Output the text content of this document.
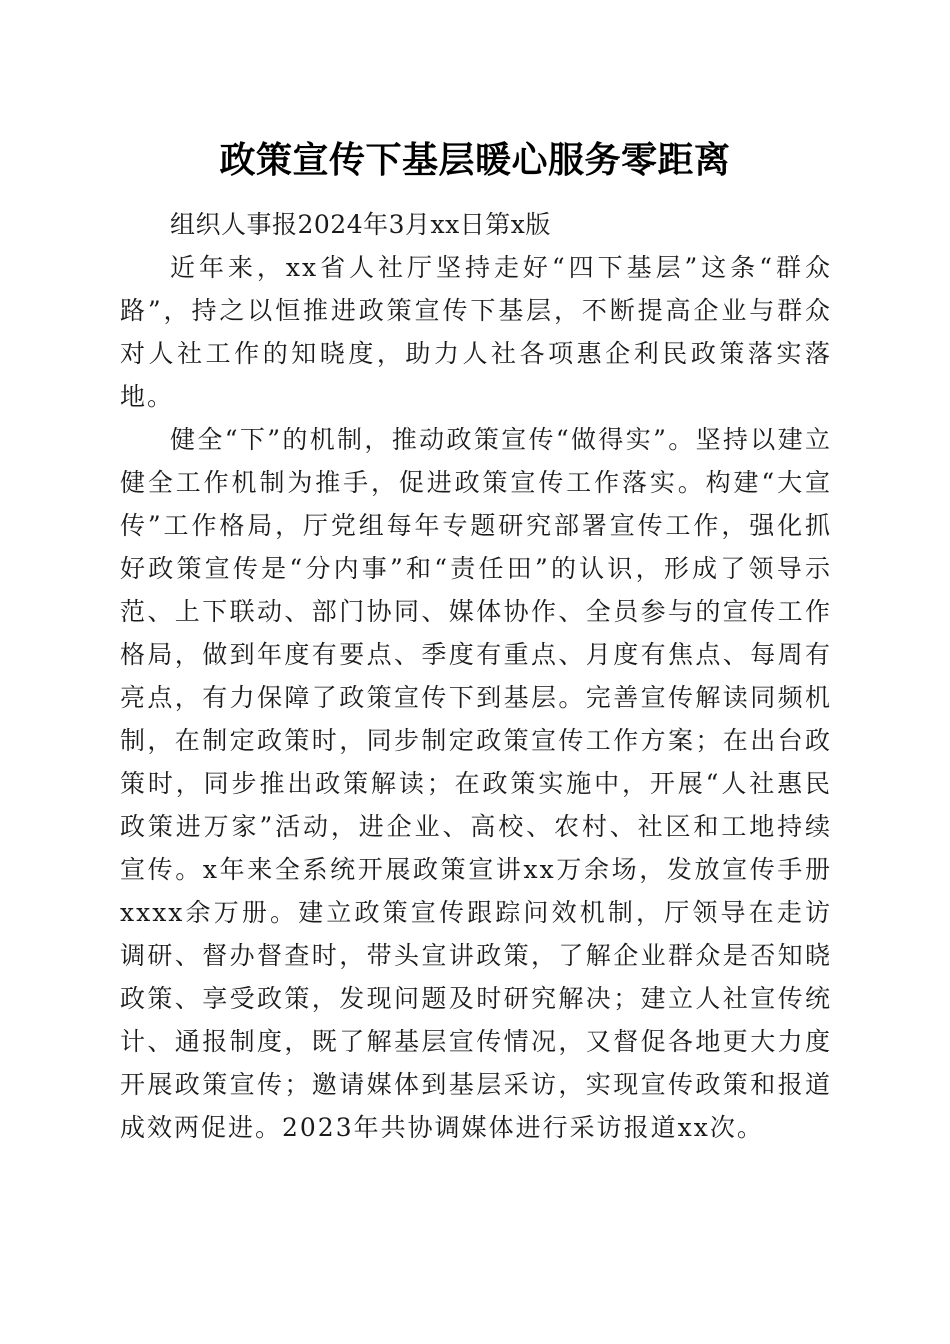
政策宣传下基层暖心服务零距离

组织人事报2024年3月xx日第x版

近年来，xx省人社厅坚持走好“四下基层”这条“群众路”，持之以恒推进政策宣传下基层，不断提高企业与群众对人社工作的知晓度，助力人社各项惠企利民政策落实落地。

健全“下”的机制，推动政策宣传“做得实”。坚持以建立健全工作机制为推手，促进政策宣传工作落实。构建“大宣传”工作格局，厅党组每年专题研究部署宣传工作，强化抓好政策宣传是“分内事”和“责任田”的认识，形成了领导示范、上下联动、部门协同、媒体协作、全员参与的宣传工作格局，做到年度有要点、季度有重点、月度有焦点、每周有亮点，有力保障了政策宣传下到基层。完善宣传解读同频机制，在制定政策时，同步制定政策宣传工作方案；在出台政策时，同步推出政策解读；在政策实施中，开展“人社惠民政策进万家”活动，进企业、高校、农村、社区和工地持续宣传。x年来全系统开展政策宣讲xx万余场，发放宣传手册xxxx余万册。建立政策宣传跟踪问效机制，厅领导在走访调研、督办督查时，带头宣讲政策，了解企业群众是否知晓政策、享受政策，发现问题及时研究解决；建立人社宣传统计、通报制度，既了解基层宣传情况，又督促各地更大力度开展政策宣传；邀请媒体到基层采访，实现宣传政策和报道成效两促进。2023年共协调媒体进行采访报道xx次。
